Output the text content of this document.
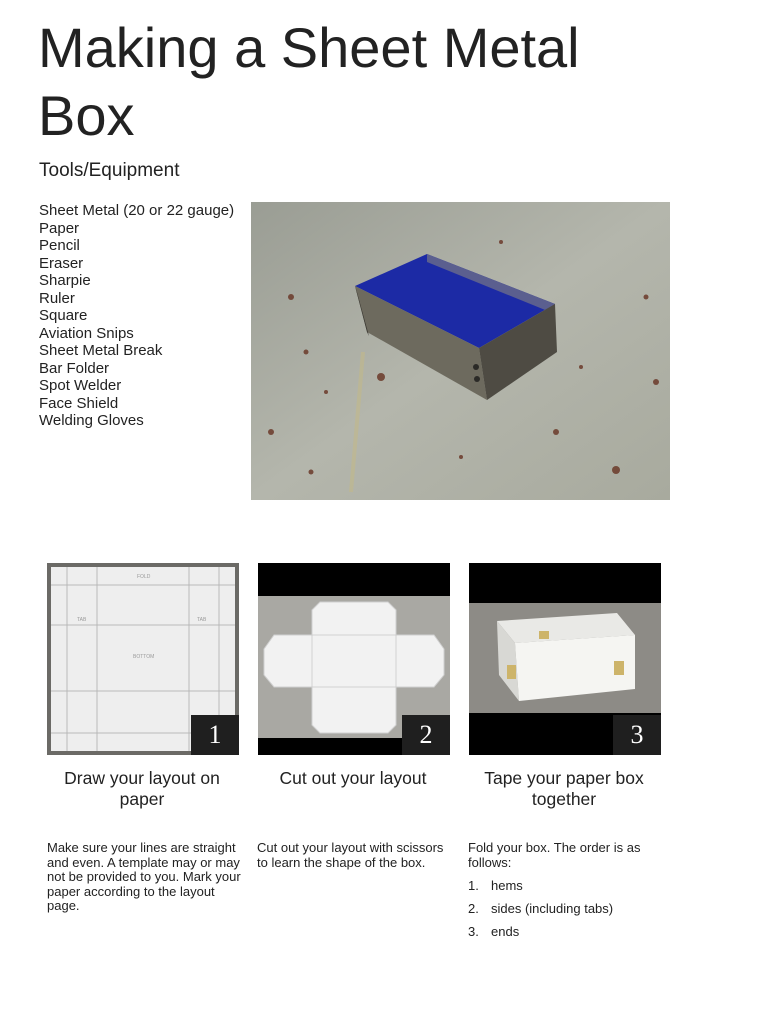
Making a Sheet Metal Box
Tools/Equipment
Sheet Metal (20 or 22 gauge)
Paper
Pencil
Eraser
Sharpie
Ruler
Square
Aviation Snips
Sheet Metal Break
Bar Folder
Spot Welder
Face Shield
Welding Gloves
FOLD
BOTTOM
TAB	TAB
1	2	3
Draw your layout on paper
Cut out your layout	Tape your paper box together

Make sure your lines are straight and even. A template may or may not be provided to you. Mark your paper according to the layout page.

Cut out your layout with scissors to learn the shape of the box.

Fold your box. The order is as follows:

1. hems
2. sides (including tabs)
3. ends
